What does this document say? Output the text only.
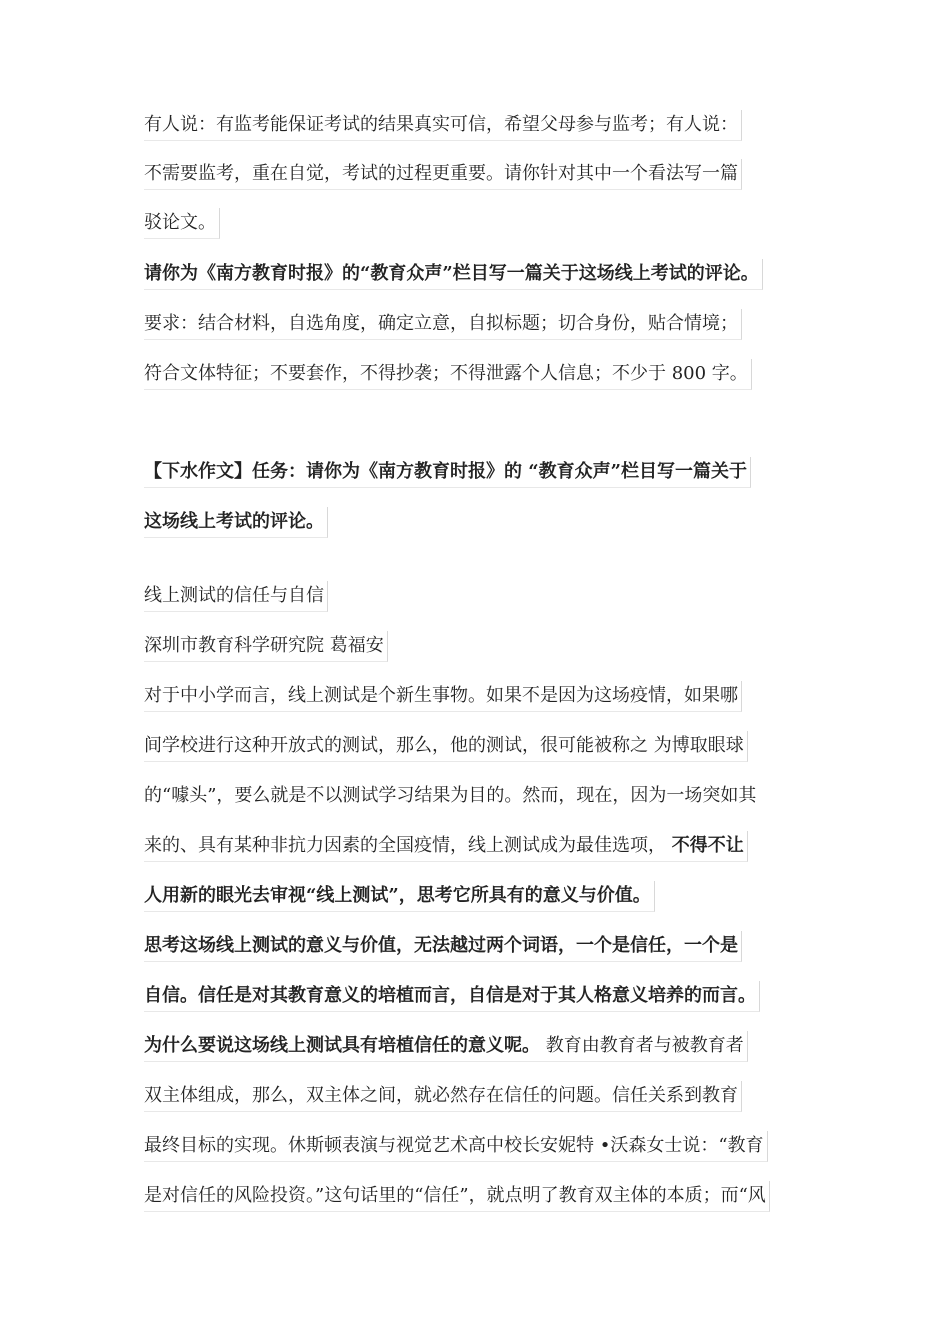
有人说：有监考能保证考试的结果真实可信，希望父母参与监考；有人说：
不需要监考，重在自觉，考试的过程更重要。请你针对其中一个看法写一篇
驳论文。
请你为《南方教育时报》的“教育众声”栏目写一篇关于这场线上考试的评论。
要求：结合材料，自选角度，确定立意，自拟标题；切合身份，贴合情境；
符合文体特征；不要套作，不得抄袭；不得泄露个人信息；不少于 800 字。
【下水作文】任务：请你为《南方教育时报》的 “教育众声”栏目写一篇关于
这场线上考试的评论。
线上测试的信任与自信
深圳市教育科学研究院 葛福安
对于中小学而言，线上测试是个新生事物。如果不是因为这场疫情，如果哪
间学校进行这种开放式的测试，那么，他的测试，很可能被称之 为博取眼球
的“噱头”，要么就是不以测试学习结果为目的。然而，现在，因为一场突如其
来的、具有某种非抗力因素的全国疫情，线上测试成为最佳选项， 不得不让
人用新的眼光去审视“线上测试”，思考它所具有的意义与价值。
思考这场线上测试的意义与价值，无法越过两个词语，一个是信任，一个是
自信。信任是对其教育意义的培植而言，自信是对于其人格意义培养的而言。
为什么要说这场线上测试具有培植信任的意义呢。 教育由教育者与被教育者
双主体组成，那么，双主体之间，就必然存在信任的问题。信任关系到教育
最终目标的实现。休斯顿表演与视觉艺术高中校长安妮特 •沃森女士说：“教育
是对信任的风险投资。”这句话里的“信任”，就点明了教育双主体的本质；而“风
